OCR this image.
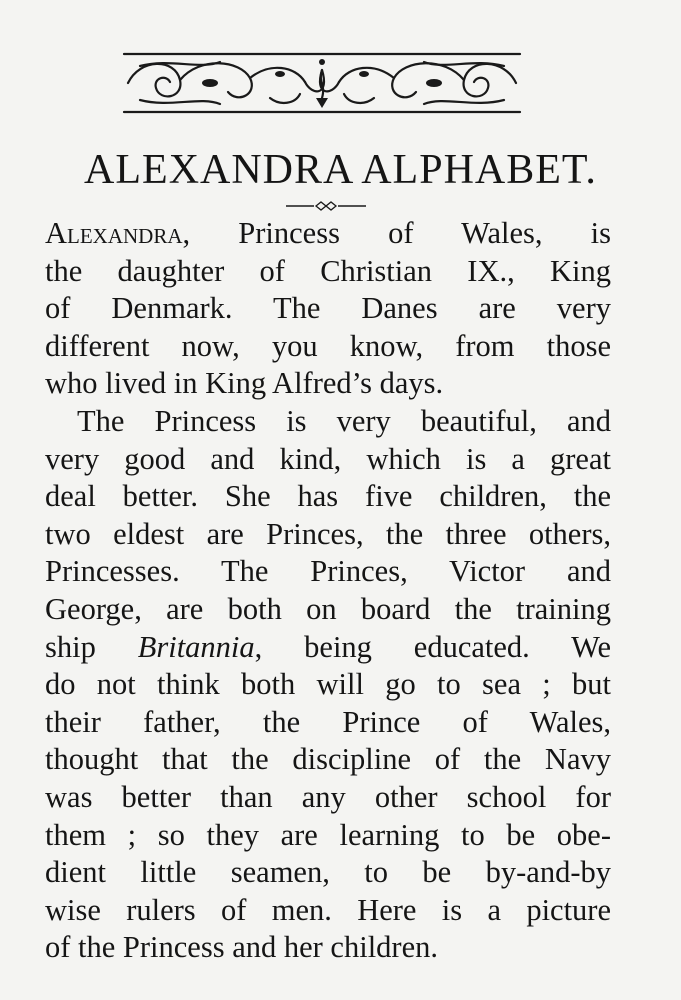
ALEXANDRA ALPHABET.
Alexandra, Princess of Wales, is
the daughter of Christian IX., King
of Denmark. The Danes are very
different now, you know, from those
who lived in King Alfred’s days.
The Princess is very beautiful, and
very good and kind, which is a great
deal better. She has five children, the
two eldest are Princes, the three others,
Princesses. The Princes, Victor and
George, are both on board the training
ship Britannia, being educated. We
do not think both will go to sea ; but
their father, the Prince of Wales,
thought that the discipline of the Navy
was better than any other school for
them ; so they are learning to be obe-
dient little seamen, to be by-and-by
wise rulers of men. Here is a picture
of the Princess and her children.
